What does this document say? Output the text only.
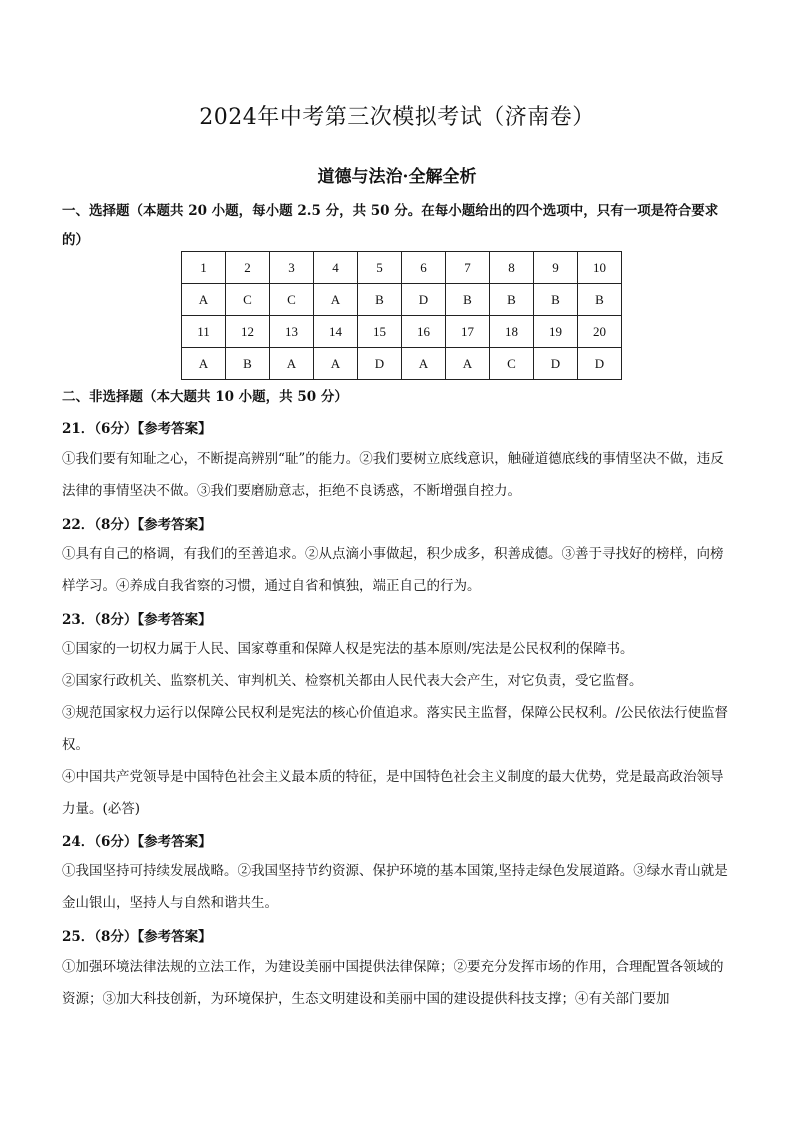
2024年中考第三次模拟考试（济南卷）
道德与法治·全解全析
一、选择题（本题共 20 小题，每小题 2.5 分，共 50 分。在每小题给出的四个选项中，只有一项是符合要求的）
1	2	3	4	5	6	7	8	9	10
A	C	C	A	B	D	B	B	B	B
11	12	13	14	15	16	17	18	19	20
A	B	A	A	D	A	A	C	D	D
二、非选择题（本大题共 10 小题，共 50 分）
21．（6分）【参考答案】
①我们要有知耻之心，不断提高辨别“耻”的能力。②我们要树立底线意识，触碰道德底线的事情坚决不做，违反法律的事情坚决不做。③我们要磨励意志，拒绝不良诱惑，不断增强自控力。
22．（8分）【参考答案】
①具有自己的格调，有我们的至善追求。②从点滴小事做起，积少成多，积善成德。③善于寻找好的榜样，向榜样学习。④养成自我省察的习惯，通过自省和慎独，端正自己的行为。
23．（8分）【参考答案】
①国家的一切权力属于人民、国家尊重和保障人权是宪法的基本原则/宪法是公民权利的保障书。
②国家行政机关、监察机关、审判机关、检察机关都由人民代表大会产生，对它负责，受它监督。
③规范国家权力运行以保障公民权利是宪法的核心价值追求。落实民主监督，保障公民权利。/公民依法行使监督权。
④中国共产党领导是中国特色社会主义最本质的特征，是中国特色社会主义制度的最大优势，党是最高政治领导力量。(必答)
24．（6分）【参考答案】
①我国坚持可持续发展战略。②我国坚持节约资源、保护环境的基本国策,坚持走绿色发展道路。③绿水青山就是金山银山，坚持人与自然和谐共生。
25．（8分）【参考答案】
①加强环境法律法规的立法工作，为建设美丽中国提供法律保障；②要充分发挥市场的作用，合理配置各领域的资源；③加大科技创新，为环境保护，生态文明建设和美丽中国的建设提供科技支撑；④有关部门要加
